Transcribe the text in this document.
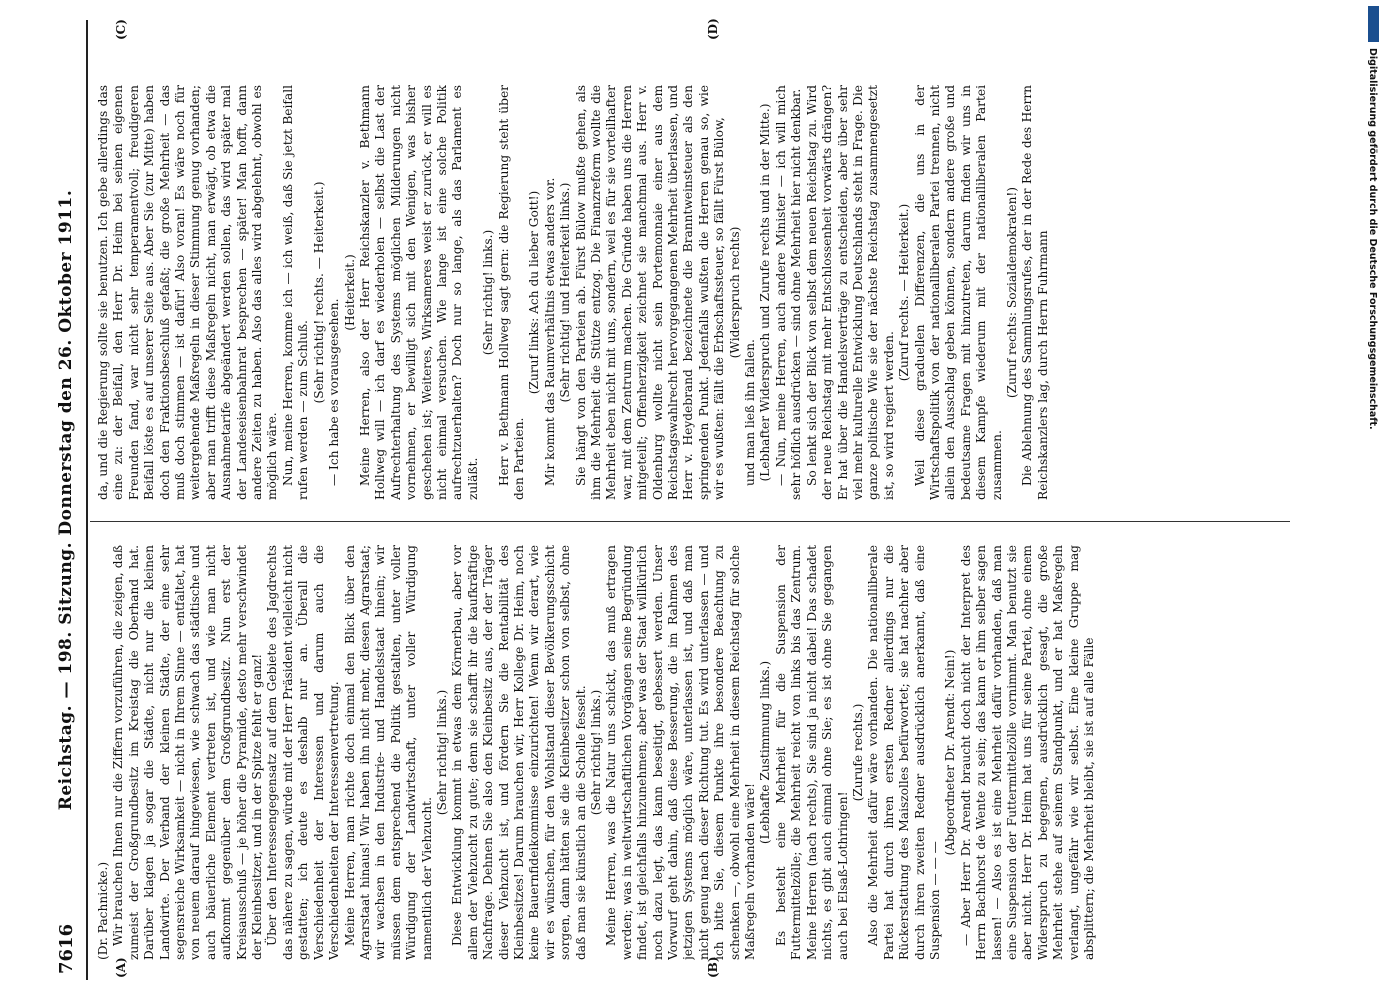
7616
Reichstag. — 198. Sitzung. Donnerstag den 26. Oktober 1911.
(A)	(B)
(C)	(D)

(Dr. Pachnicke.) Wir brauchen Ihnen nur die Ziffern vorzuführen, die zeigen, daß zumeist der Großgrundbesitz im Kreistag die Oberhand hat. Darüber klagen ja sogar die Städte, nicht nur die kleinen Landwirte. Der Verband der kleinen Städte, der eine sehr segensreiche Wirksamkeit — nicht in Ihrem Sinne — entfaltet, hat von neuem darauf hingewiesen, wie schwach das städtische und auch bäuerliche Element vertreten ist, und wie man nicht aufkommt gegenüber dem Großgrundbesitz. Nun erst der Kreisausschuß — je höher die Pyramide, desto mehr verschwindet der Kleinbesitzer, und in der Spitze fehlt er ganz! Über den Interessengegensatz auf dem Gebiete des Jagdrechts das nähere zu sagen, würde mit der Herr Präsident vielleicht nicht gestatten; ich deute es deshalb nur an. Überall die Verschiedenheit der Interessen und darum auch die Verschiedenheiten der Interessenvertretung. Meine Herren, man richte doch einmal den Blick über den Agrarstaat hinaus! Wir haben ihn nicht mehr, diesen Agrarstaat; wir wachsen in den Industrie- und Handelsstaat hinein; wir müssen dem entsprechend die Politik gestalten, unter voller Würdigung der Landwirtschaft, unter voller Würdigung namentlich der Viehzucht.

(Sehr richtig! links.) Diese Entwicklung kommt in etwas dem Körnerbau, aber vor allem der Viehzucht zu gute; denn sie schafft ihr die kaufkräftige Nachfrage. Dehnen Sie also den Kleinbesitz aus, der der Träger dieser Viehzucht ist, und fördern Sie die Rentabilität des Kleinbesitzes! Darum brauchen wir, Herr Kollege Dr. Heim, noch keine Bauernfideikommisse einzurichten! Wenn wir derart, wie wir es wünschen, für den Wohlstand dieser Bevölkerungsschicht sorgen, dann hätten sie die Kleinbesitzer schon von selbst, ohne daß man sie künstlich an die Scholle fesselt. (Sehr richtig! links.) Meine Herren, was die Natur uns schickt, das muß ertragen werden; was in weltwirtschaftlichen Vorgängen seine Begründung findet, ist gleichfalls hinzunehmen; aber was der Staat willkürlich noch dazu legt, das kann beseitigt, gebessert werden. Unser Vorwurf geht dahin, daß diese Besserung, die im Rahmen des jetzigen Systems möglich wäre, unterlassen ist, und daß man nicht genug nach dieser Richtung tut. Es wird unterlassen — und ich bitte Sie, diesem Punkte ihre besondere Beachtung zu schenken —, obwohl eine Mehrheit in diesem Reichstag für solche Maßregeln vorhanden wäre!

(Lebhafte Zustimmung links.) Es besteht eine Mehrheit für die Suspension der Futtermittelzölle; die Mehrheit reicht von links bis das Zentrum. Meine Herren (nach rechts), Sie sind ja nicht dabei! Das schadet nichts, es gibt auch einmal ohne Sie; es ist ohne Sie gegangen auch bei Elsaß-Lothringen!

(Zurufe rechts.) Also die Mehrheit dafür wäre vorhanden. Die nationalliberale Partei hat durch ihren ersten Redner allerdings nur die Rückerstattung des Maiszolles befürwortet; sie hat nachher aber durch ihren zweiten Redner ausdrücklich anerkannt, daß eine Suspension — — —

(Abgeordneter Dr. Arendt: Nein!) — Aber Herr Dr. Arendt braucht doch nicht der Interpret des Herrn Bachhorst de Wente zu sein; das kann er ihm selber sagen lassen! — Also es ist eine Mehrheit dafür vorhanden, daß man eine Suspension der Futtermittelzölle vornimmt. Man benutzt sie aber nicht. Herr Dr. Heim hat uns für seine Partei, ohne einem Widerspruch zu begegnen, ausdrücklich gesagt, die große Mehrheit stehe auf seinem Standpunkt, und er hat Maßregeln verlangt, ungefähr wie wir selbst. Eine kleine Gruppe mag absplittern; die Mehrheit bleibt, sie ist auf alle Fälle

da, und die Regierung sollte sie benutzen. Ich gebe allerdings das eine zu: der Beifall, den Herr Dr. Heim bei seinen eigenen Freunden fand, war nicht sehr temperamentvoll; freudigeren Beifall löste es auf unserer Seite aus. Aber Sie (zur Mitte) haben doch den Fraktionsbeschluß gefaßt; die große Mehrheit — das muß doch stimmen — ist dafür! Also voran! Es wäre noch für weitergehende Maßregeln in dieser Stimmung genug vorhanden; aber man trifft diese Maßregeln nicht, man erwägt, ob etwa die Ausnahmetarife abgeändert werden sollen, das wird später mal der Landeseisenbahnrat besprechen — später! Man hofft, dann andere Zeiten zu haben. Also das alles wird abgelehnt, obwohl es möglich wäre. Nun, meine Herren, komme ich — ich weiß, daß Sie jetzt Beifall rufen werden — zum Schluß.

(Sehr richtig! rechts. — Heiterkeit.) — Ich habe es vorausgesehen.

(Heiterkeit.) Meine Herren, also der Herr Reichskanzler v. Bethmann Hollweg will — ich darf es wiederholen — selbst die Last der Aufrechterhaltung des Systems möglichen Milderungen nicht vornehmen, er bewilligt sich mit den Wenigen, was bisher geschehen ist; Weiteres, Wirksameres weist er zurück, er will es nicht einmal versuchen. Wie lange ist eine solche Politik aufrechtzuerhalten? Doch nur so lange, als das Parlament es zuläßt.

(Sehr richtig! links.) Herr v. Bethmann Hollweg sagt gern: die Regierung steht über den Parteien.

(Zuruf links: Ach du lieber Gott!) Mir kommt das Raumverhältnis etwas anders vor. (Sehr richtig! und Heiterkeit links.) Sie hängt von den Parteien ab. Fürst Bülow mußte gehen, als ihm die Mehrheit die Stütze entzog. Die Finanzreform wollte die Mehrheit eben nicht mit uns, sondern, weil es für sie vorteilhafter war, mit dem Zentrum machen. Die Gründe haben uns die Herren mitgeteilt; Offenherzigkeit zeichnet sie manchmal aus. Herr v. Oldenburg wollte nicht sein Portemonnaie einer aus dem Reichstagswahlrecht hervorgegangenen Mehrheit überlassen, und Herr v. Heydebrand bezeichnete die Branntweinsteuer als den springenden Punkt. Jedenfalls wußten die Herren genau so, wie wir es wußten: fällt die Erbschaftssteuer, so fällt Fürst Bülow, (Widerspruch rechts)

und man ließ ihn fallen. (Lebhafter Widerspruch und Zurufe rechts und in der Mitte.) — Nun, meine Herren, auch andere Minister — ich will mich sehr höflich ausdrücken — sind ohne Mehrheit hier nicht denkbar. So lenkt sich der Blick von selbst dem neuen Reichstag zu. Wird der neue Reichstag mit mehr Entschlossenheit vorwärts drängen? Er hat über die Handelsverträge zu entscheiden, aber über sehr viel mehr kulturelle Entwicklung Deutschlands steht in Frage. Die ganze politische Wie sie der nächste Reichstag zusammengesetzt ist, so wird regiert werden.

(Zuruf rechts. — Heiterkeit.) Weil diese graduellen Differenzen, die uns in der Wirtschaftspolitik von der nationalliberalen Partei trennen, nicht allein den Ausschlag geben können, sondern andere große und bedeutsame Fragen mit hinzutreten, darum finden wir uns in diesem Kampfe wiederum mit der nationalliberalen Partei zusammen.

(Zuruf rechts: Sozialdemokraten!) Die Ablehnung des Sammlungsrufes, der in der Rede des Herrn Reichskanzlers lag, durch Herrn Fuhrmann	Digitalisierung gefördert durch die Deutsche Forschungsgemeinschaft.
